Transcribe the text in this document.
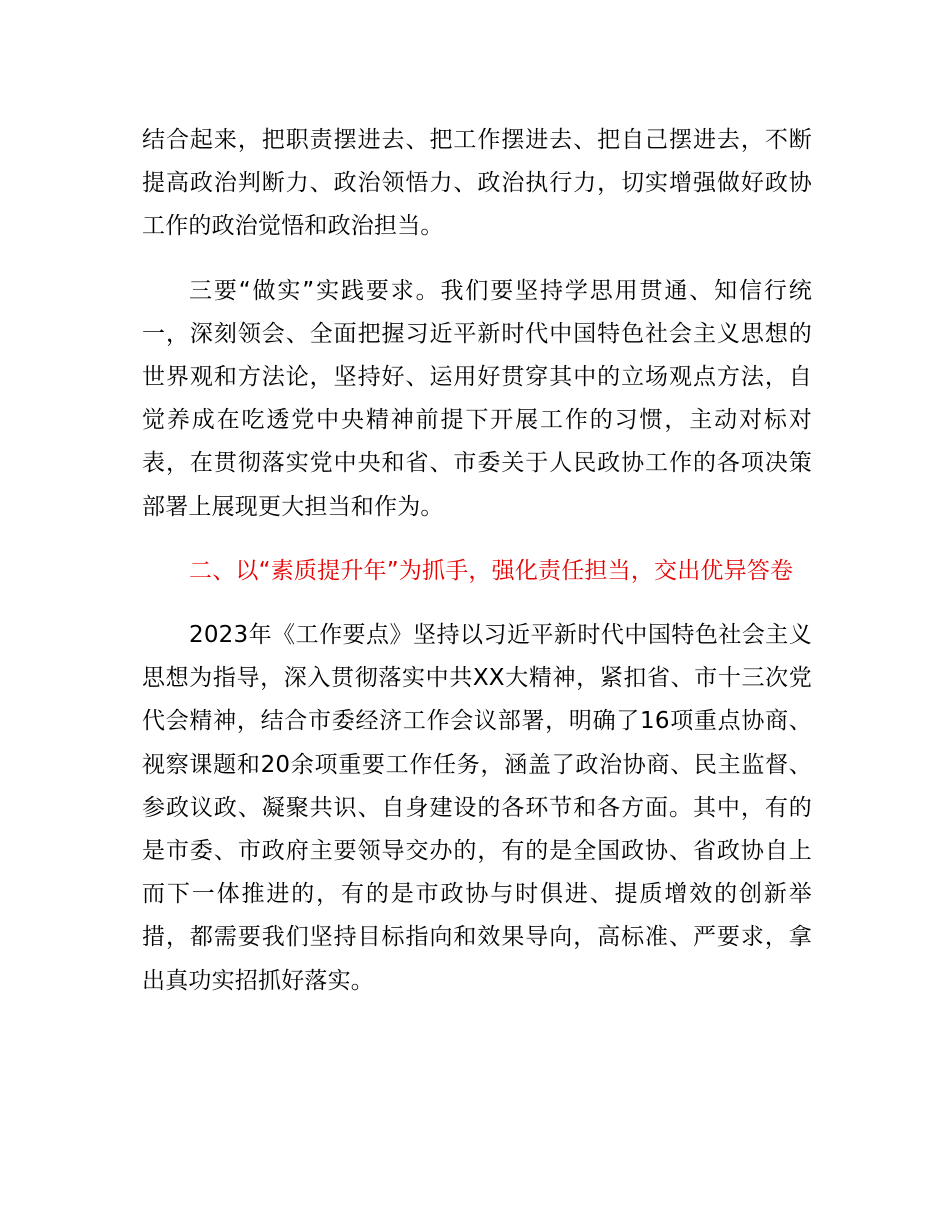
结合起来，把职责摆进去、把工作摆进去、把自己摆进去，不断提高政治判断力、政治领悟力、政治执行力，切实增强做好政协工作的政治觉悟和政治担当。

三要“做实”实践要求。我们要坚持学思用贯通、知信行统一，深刻领会、全面把握习近平新时代中国特色社会主义思想的世界观和方法论，坚持好、运用好贯穿其中的立场观点方法，自觉养成在吃透党中央精神前提下开展工作的习惯，主动对标对表，在贯彻落实党中央和省、市委关于人民政协工作的各项决策部署上展现更大担当和作为。

二、以“素质提升年”为抓手，强化责任担当，交出优异答卷

2023年《工作要点》坚持以习近平新时代中国特色社会主义思想为指导，深入贯彻落实中共XX大精神，紧扣省、市十三次党代会精神，结合市委经济工作会议部署，明确了16项重点协商、视察课题和20余项重要工作任务，涵盖了政治协商、民主监督、参政议政、凝聚共识、自身建设的各环节和各方面。其中，有的是市委、市政府主要领导交办的，有的是全国政协、省政协自上而下一体推进的，有的是市政协与时俱进、提质增效的创新举措，都需要我们坚持目标指向和效果导向，高标准、严要求，拿出真功实招抓好落实。
